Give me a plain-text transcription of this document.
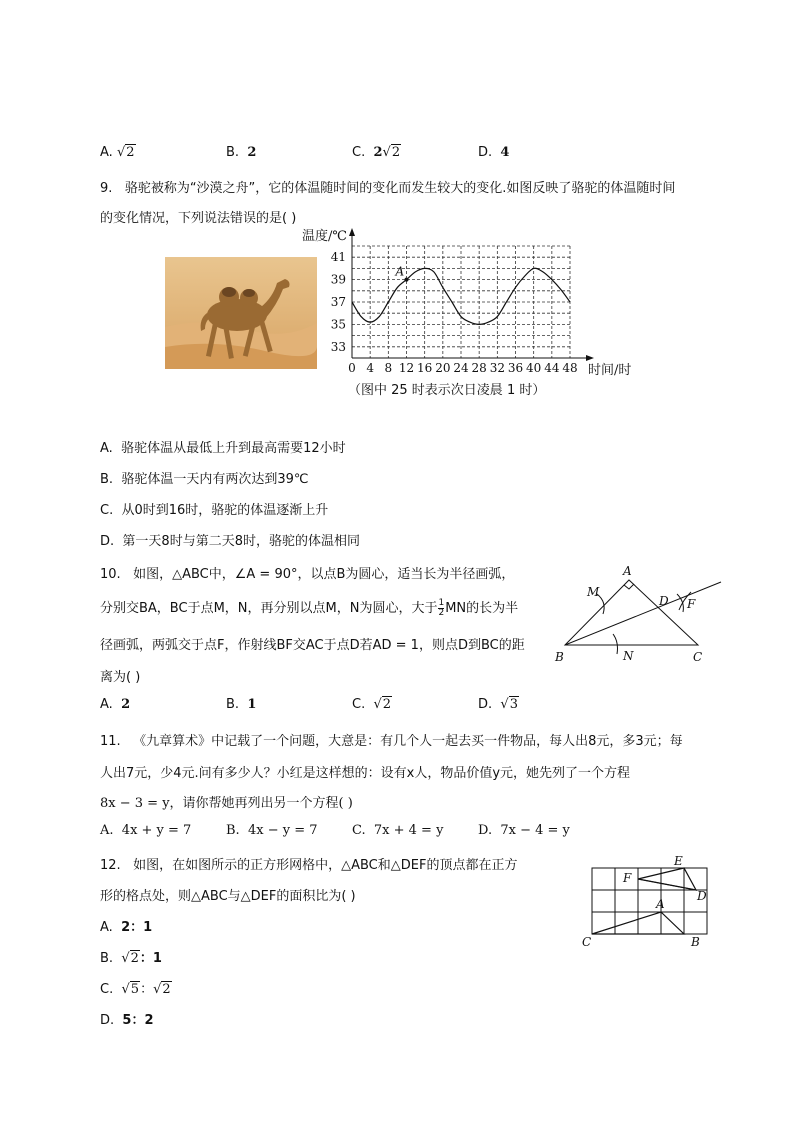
A. √2	B. 2	C. 2√2	D. 4
9. 骆驼被称为“沙漠之舟”，它的体温随时间的变化而发生较大的变化.如图反映了骆驼的体温随时间
的变化情况，下列说法错误的是( )
0 4 8 12 16 20 24 28 32 36 40 44 48
33
35
37
39
41
温度/℃
时间/时
A
（图中 25 时表示次日凌晨 1 时）
A. 骆驼体温从最低上升到最高需要12小时
B. 骆驼体温一天内有两次达到39℃
C. 从0时到16时，骆驼的体温逐渐上升
D. 第一天8时与第二天8时，骆驼的体温相同
10. 如图，△ABC中，∠A = 90°，以点B为圆心，适当长为半径画弧，
分别交BA，BC于点M，N，再分别以点M，N为圆心，大于 $\frac{1}{2}$ MN的长为半
径画弧，两弧交于点F，作射线BF交AC于点D若AD = 1，则点D到BC的距
离为( )
A
B	C
M
N
D F
A. 2	B. 1	C. √2	D. √3
11. 《九章算术》中记载了一个问题，大意是：有几个人一起去买一件物品，每人出8元，多3元；每
人出7元，少4元.问有多少人？小红是这样想的：设有x人，物品价值y元，她先列了一个方程
8x − 3 = y，请你帮她再列出另一个方程( )
A. 4x + y = 7	B. 4x − y = 7	C. 7x + 4 = y	D. 7x − 4 = y
12. 如图，在如图所示的正方形网格中，△ABC和△DEF的顶点都在正方
形的格点处，则△ABC与△DEF的面积比为( )	A
B
C
D
E
F
A. 2：1
B. √2：1
C. √5：√2
D. 5：2
